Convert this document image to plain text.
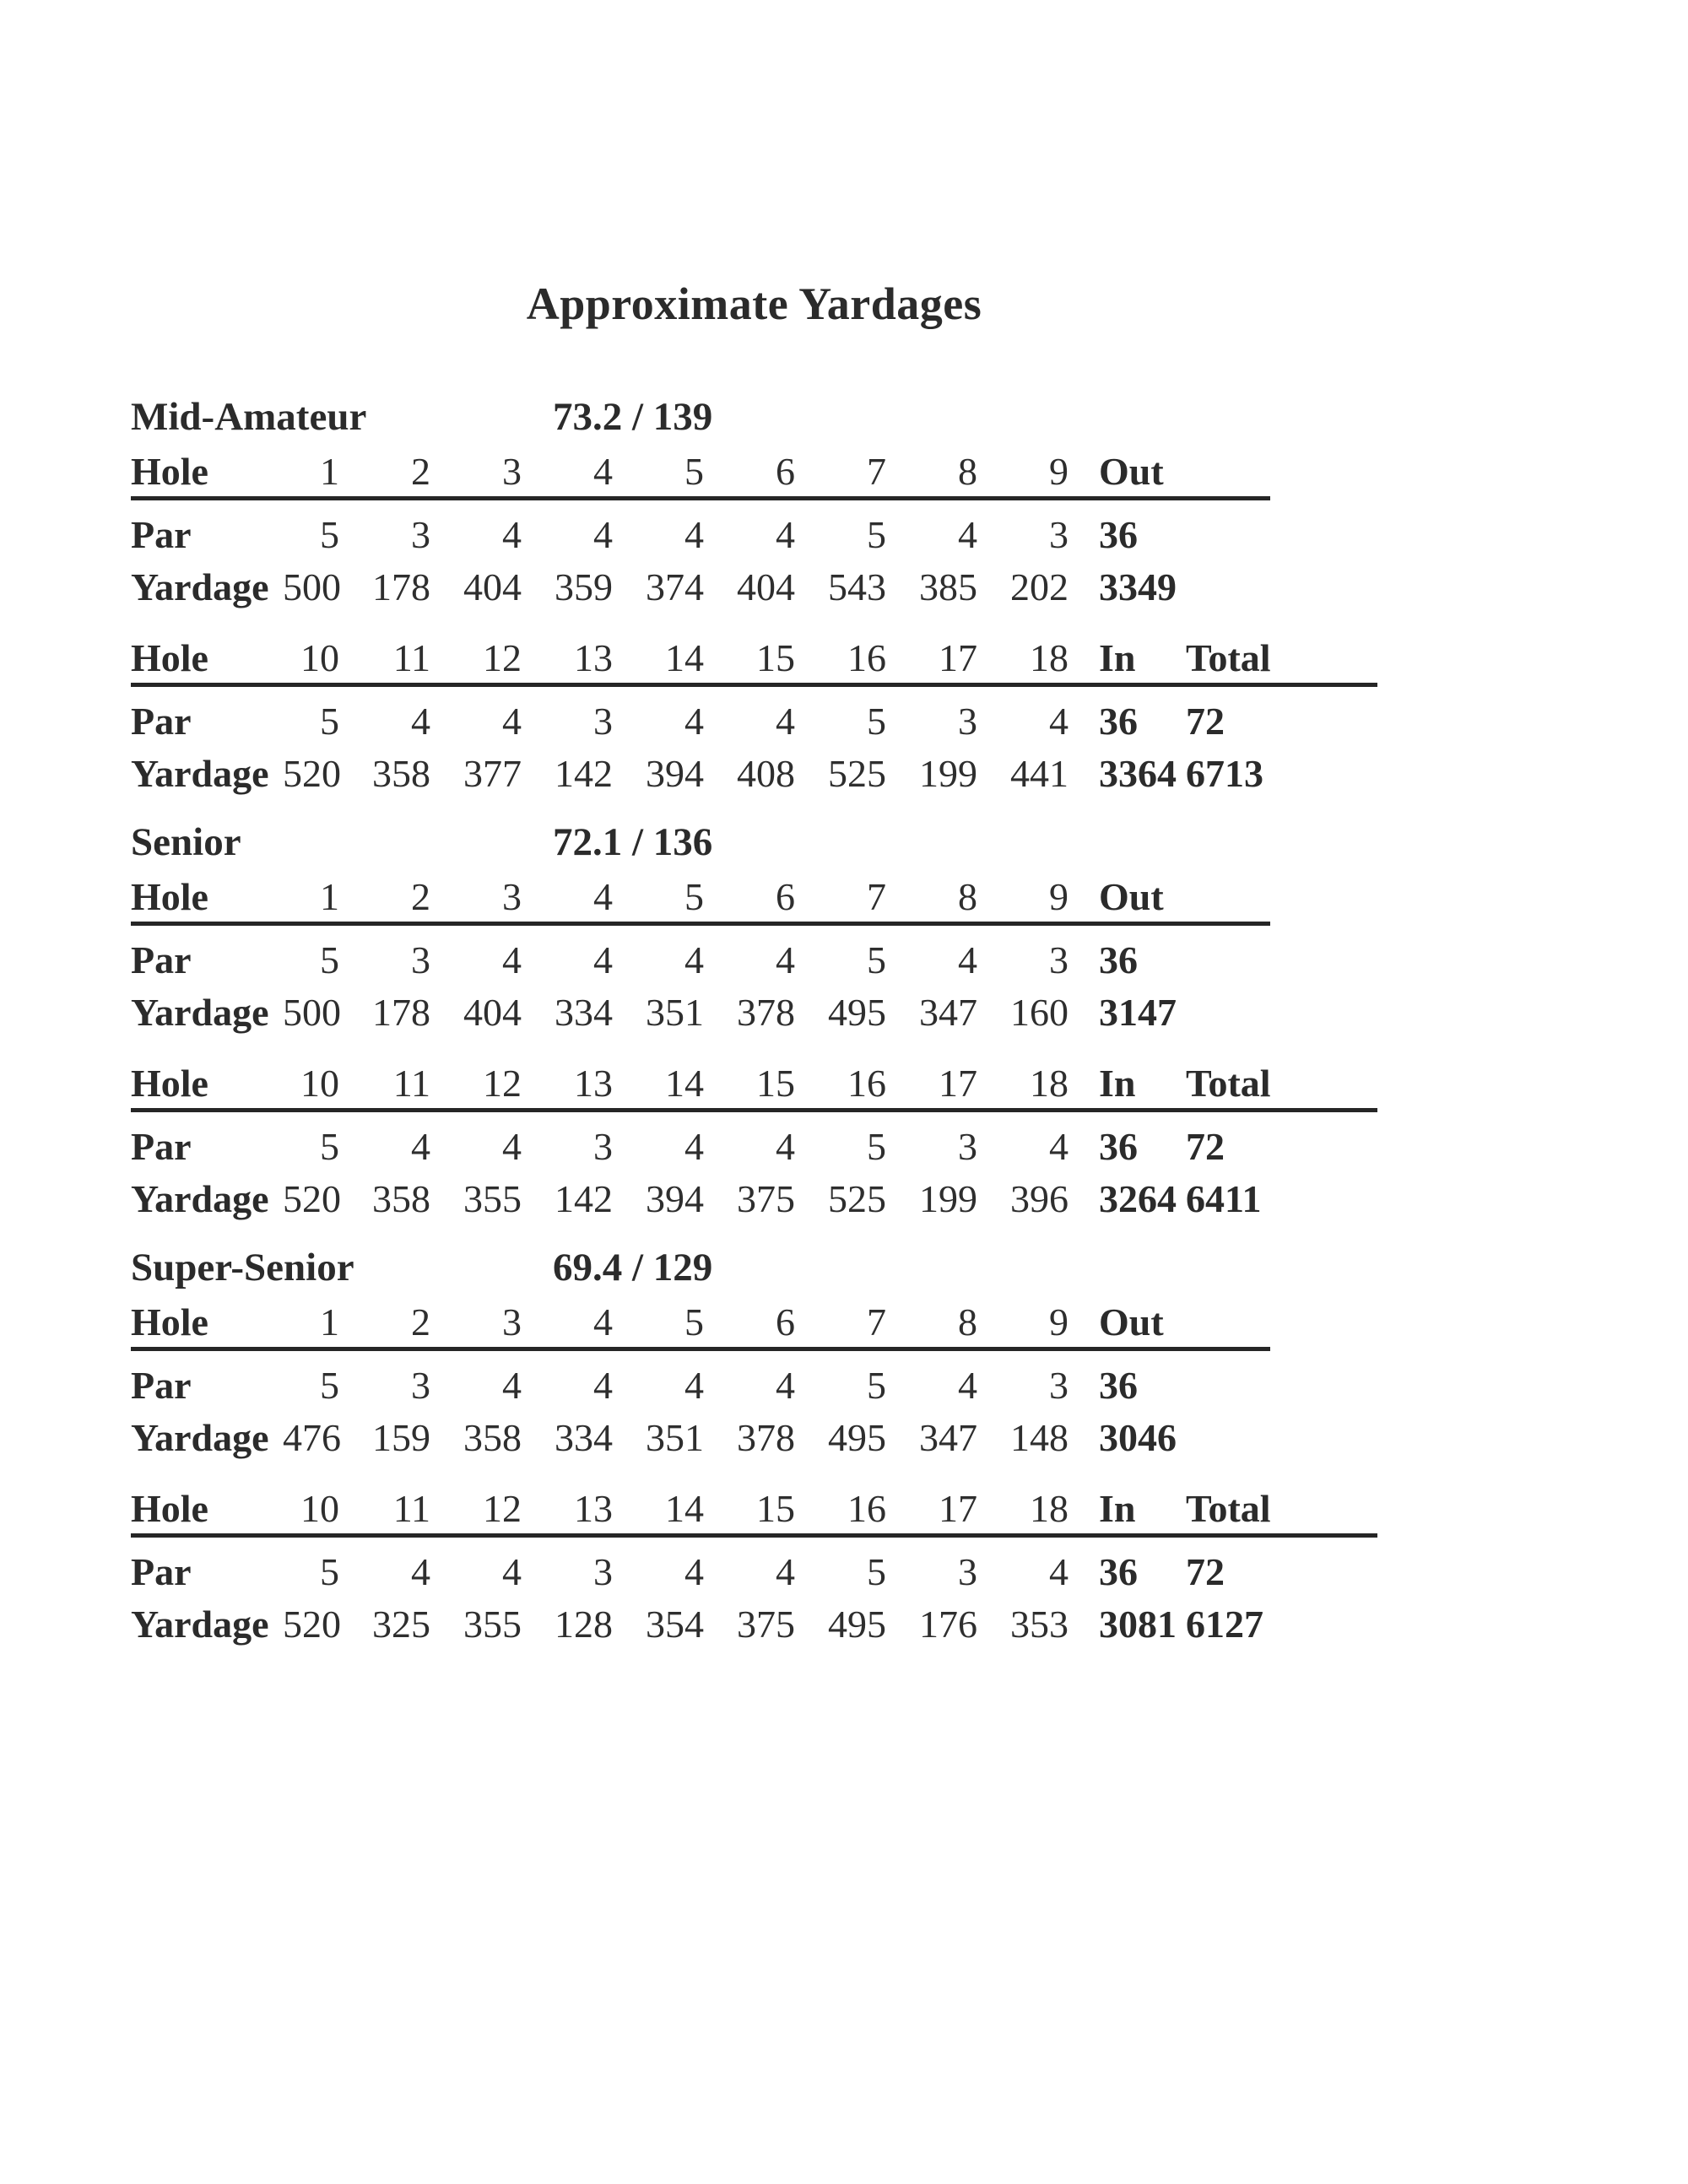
Approximate Yardages
Mid-Amateur	73.2 / 139
Hole	1	2	3	4	5	6	7	8	9	Out
Par	5	3	4	4	4	4	5	4	3	36
Yardage	500	178	404	359	374	404	543	385	202	3349
Hole	10	11	12	13	14	15	16	17	18	In	Total
Par	5	4	4	3	4	4	5	3	4	36	72
Yardage	520	358	377	142	394	408	525	199	441	3364	6713
Senior	72.1 / 136
Hole	1	2	3	4	5	6	7	8	9	Out
Par	5	3	4	4	4	4	5	4	3	36
Yardage	500	178	404	334	351	378	495	347	160	3147
Hole	10	11	12	13	14	15	16	17	18	In	Total
Par	5	4	4	3	4	4	5	3	4	36	72
Yardage	520	358	355	142	394	375	525	199	396	3264	6411
Super-Senior	69.4 / 129
Hole	1	2	3	4	5	6	7	8	9	Out
Par	5	3	4	4	4	4	5	4	3	36
Yardage	476	159	358	334	351	378	495	347	148	3046
Hole	10	11	12	13	14	15	16	17	18	In	Total
Par	5	4	4	3	4	4	5	3	4	36	72
Yardage	520	325	355	128	354	375	495	176	353	3081	6127
